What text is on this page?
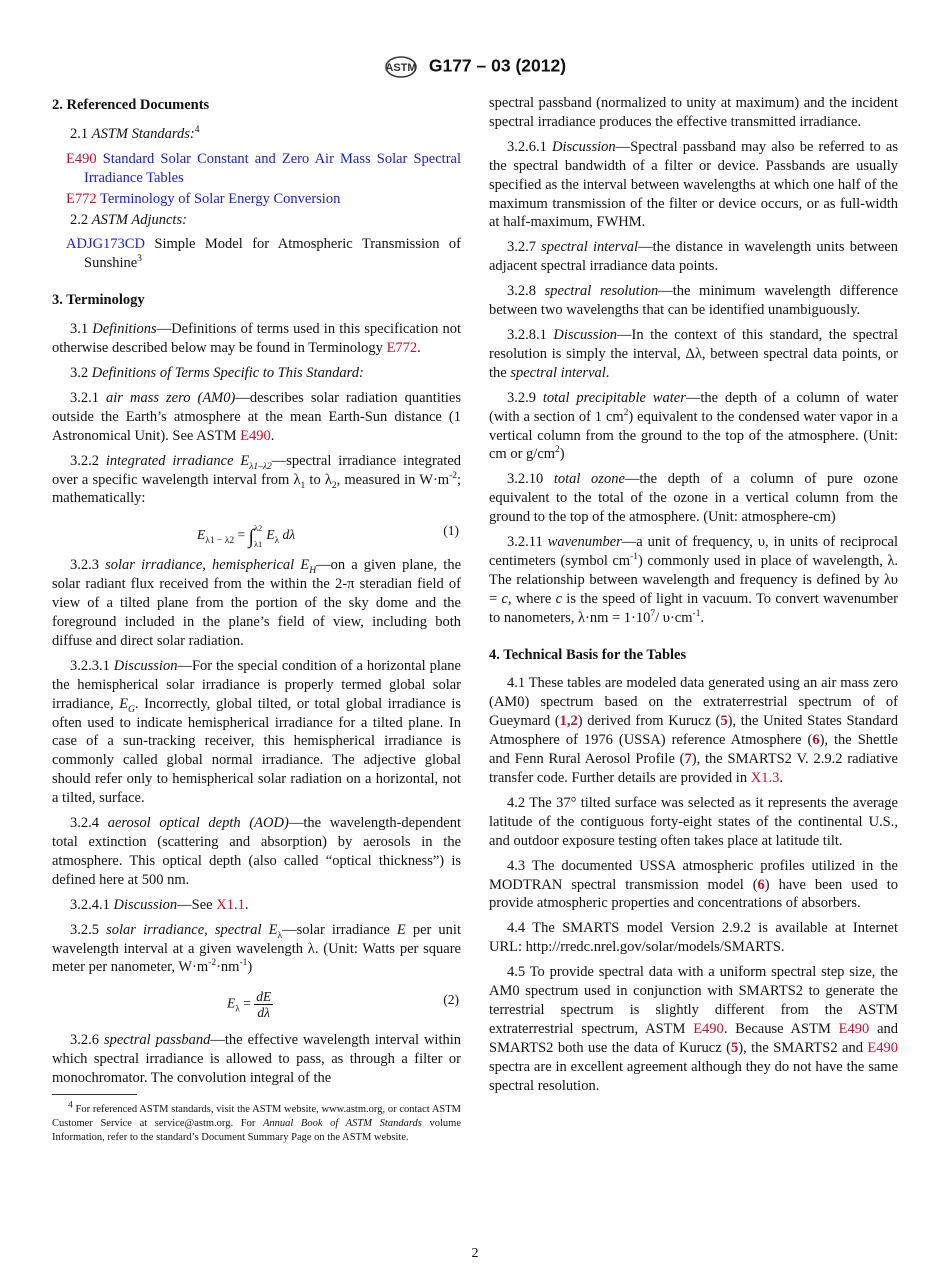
ASTM G177 – 03 (2012)
2. Referenced Documents
2.1 ASTM Standards:$^4$
E490 Standard Solar Constant and Zero Air Mass Solar Spectral Irradiance Tables
E772 Terminology of Solar Energy Conversion
2.2 ASTM Adjuncts:
ADJG173CD Simple Model for Atmospheric Transmission of Sunshine$^3$
3. Terminology
3.1 Definitions—Definitions of terms used in this specification not otherwise described below may be found in Terminology E772.
3.2 Definitions of Terms Specific to This Standard:
3.2.1 air mass zero (AM0)—describes solar radiation quantities outside the Earth’s atmosphere at the mean Earth-Sun distance (1 Astronomical Unit). See ASTM E490.
3.2.2 integrated irradiance $E_{\lambda 1-\lambda 2}—spectral$ irradiance integrated over a specific wavelength interval from $\lambda_1$ to $\lambda_2$, measured in $W\cdot m^{-2}$; mathematically:
$E_{\lambda 1 - \lambda 2} = \int\lambda 2$
$\lambda 1E_\lambda$ dλ	(1)
3.2.3 solar irradiance, hemispherical $E_H—on$ a given plane, the solar radiant flux received from the within the 2-π steradian field of view of a tilted plane from the portion of the sky dome and the foreground included in the plane’s field of view, including both diffuse and direct solar radiation.
3.2.3.1 Discussion—For the special condition of a horizontal plane the hemispherical solar irradiance is properly termed global solar irradiance, $E_G$. Incorrectly, global tilted, or total global irradiance is often used to indicate hemispherical irradiance for a tilted plane. In case of a sun-tracking receiver, this hemispherical irradiance is commonly called global normal irradiance. The adjective global should refer only to hemispherical solar radiation on a horizontal, not a tilted, surface.
3.2.4 aerosol optical depth (AOD)—the wavelength-dependent total extinction (scattering and absorption) by aerosols in the atmosphere. This optical depth (also called “optical thickness”) is defined here at 500 nm.
3.2.4.1 Discussion—See X1.1.
3.2.5 solar irradiance, spectral $E_\lambda—solar$ irradiance E per unit wavelength interval at a given wavelength λ. (Unit: Watts per square meter per nanometer, $W\cdot m^{-2}\cdot nm^{-1}$)
$E_\lambda = \frac{dE}{d\lambda}$	(2)
3.2.6 spectral passband—the effective wavelength interval within which spectral irradiance is allowed to pass, as through a filter or monochromator. The convolution integral of the
spectral passband (normalized to unity at maximum) and the incident spectral irradiance produces the effective transmitted irradiance.
3.2.6.1 Discussion—Spectral passband may also be referred to as the spectral bandwidth of a filter or device. Passbands are usually specified as the interval between wavelengths at which one half of the maximum transmission of the filter or device occurs, or as full-width at half-maximum, FWHM.
3.2.7 spectral interval—the distance in wavelength units between adjacent spectral irradiance data points.
3.2.8 spectral resolution—the minimum wavelength difference between two wavelengths that can be identified unambiguously.
3.2.8.1 Discussion—In the context of this standard, the spectral resolution is simply the interval, Δλ, between spectral data points, or the spectral interval.
3.2.9 total precipitable water—the depth of a column of water (with a section of 1 $cm^2$) equivalent to the condensed water vapor in a vertical column from the ground to the top of the atmosphere. (Unit: cm or $g/cm^2$)
3.2.10 total ozone—the depth of a column of pure ozone equivalent to the total of the ozone in a vertical column from the ground to the top of the atmosphere. (Unit: atmosphere-cm)
3.2.11 wavenumber—a unit of frequency, υ, in units of reciprocal centimeters (symbol $cm^{-1}$) commonly used in place of wavelength, λ. The relationship between wavelength and frequency is defined by λυ = c, where c is the speed of light in vacuum. To convert wavenumber to nanometers, $\lambda\cdot nm = 1\cdot 10^7/$ $\upsilon\cdot cm^{-1}$.
4. Technical Basis for the Tables
4.1 These tables are modeled data generated using an air mass zero (AM0) spectrum based on the extraterrestrial spectrum of of Gueymard (1,2) derived from Kurucz (5), the United States Standard Atmosphere of 1976 (USSA) reference Atmosphere (6), the Shettle and Fenn Rural Aerosol Profile (7), the SMARTS2 V. 2.9.2 radiative transfer code. Further details are provided in X1.3.
4.2 The 37° tilted surface was selected as it represents the average latitude of the contiguous forty-eight states of the continental U.S., and outdoor exposure testing often takes place at latitude tilt.
4.3 The documented USSA atmospheric profiles utilized in the MODTRAN spectral transmission model (6) have been used to provide atmospheric properties and concentrations of absorbers.
4.4 The SMARTS model Version 2.9.2 is available at Internet URL: http://rredc.nrel.gov/solar/models/SMARTS.
4.5 To provide spectral data with a uniform spectral step size, the AM0 spectrum used in conjunction with SMARTS2 to generate the terrestrial spectrum is slightly different from the ASTM extraterrestrial spectrum, ASTM E490. Because ASTM E490 and SMARTS2 both use the data of Kurucz (5), the SMARTS2 and E490 spectra are in excellent agreement although they do not have the same spectral resolution.

$^4$ For referenced ASTM standards, visit the ASTM website, www.astm.org, or contact ASTM Customer Service at service@astm.org. For Annual Book of ASTM Standards volume Information, refer to the standard’s Document Summary Page on the ASTM website.

2
